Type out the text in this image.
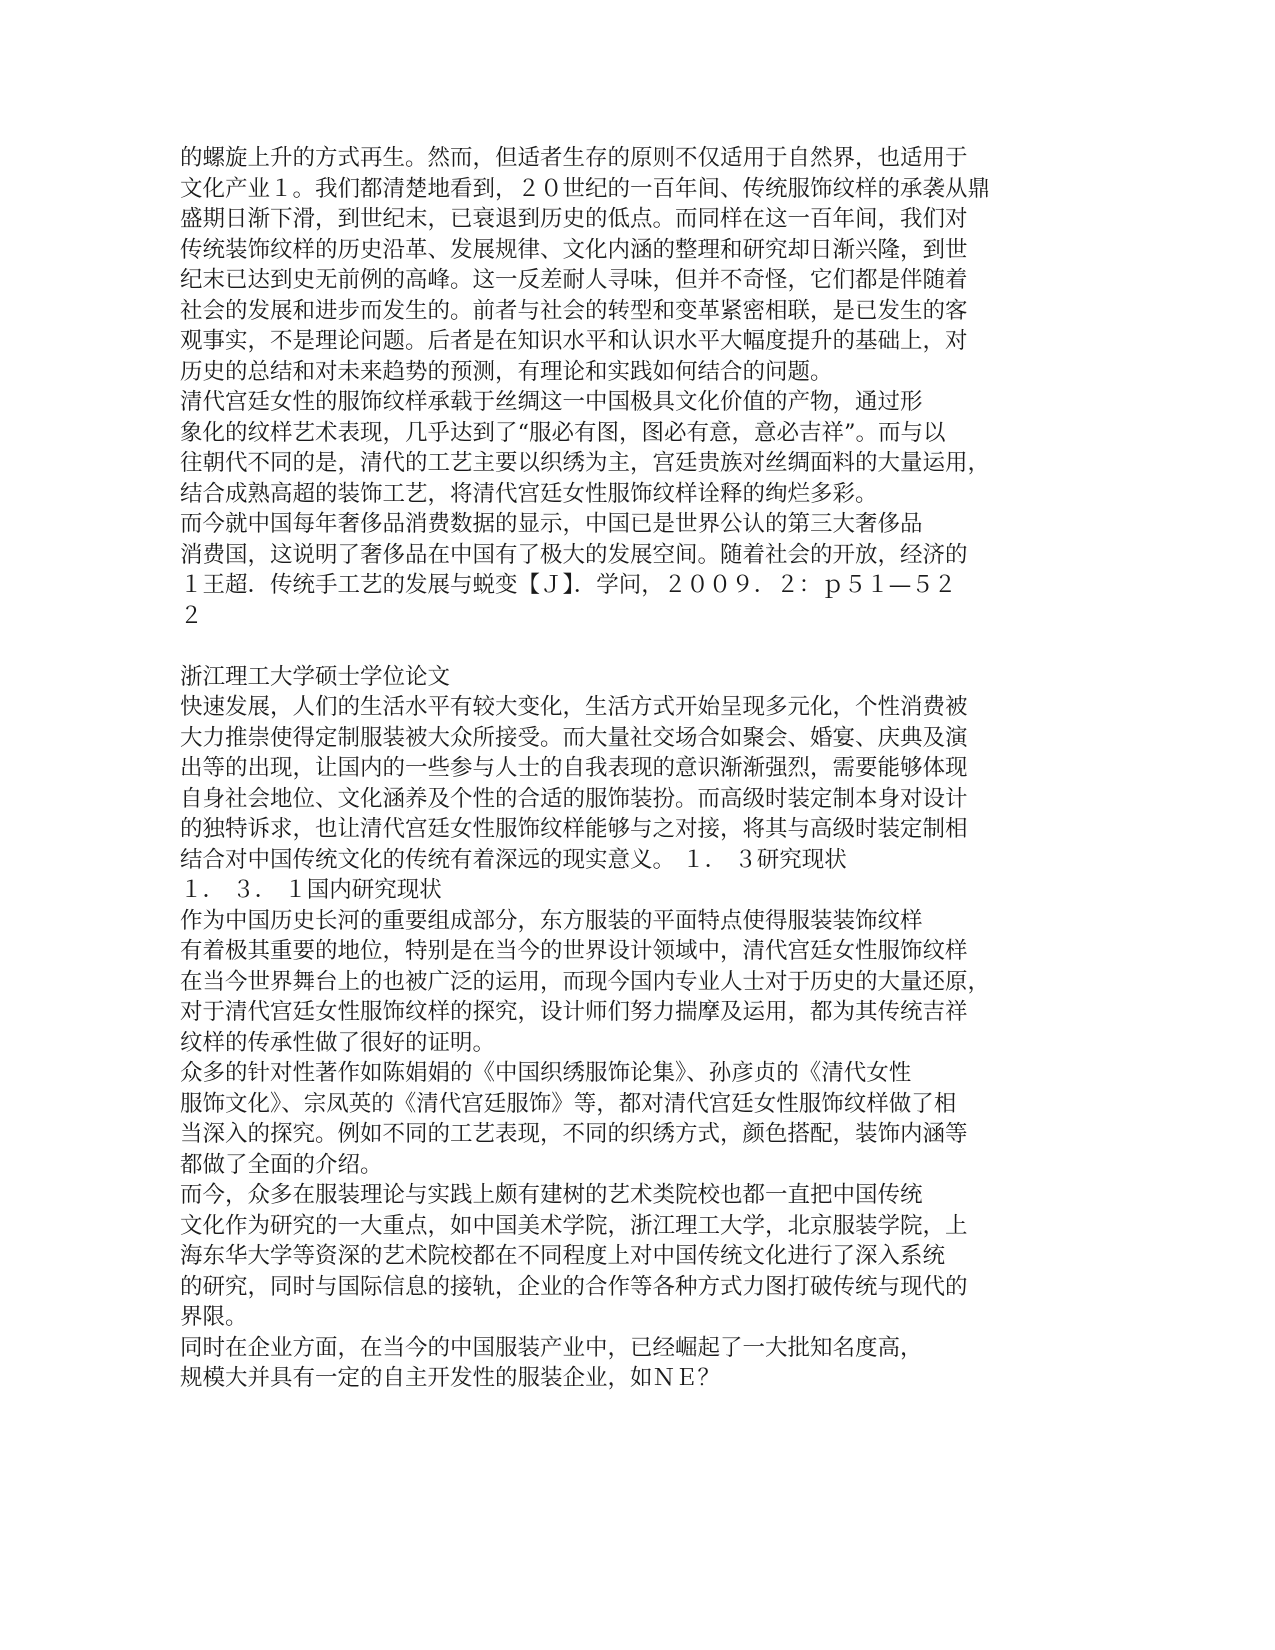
的螺旋上升的方式再生。然而，但适者生存的原则不仅适用于自然界，也适用于
文化产业１。我们都清楚地看到，２０世纪的一百年间、传统服饰纹样的承袭从鼎
盛期日渐下滑，到世纪末，已衰退到历史的低点。而同样在这一百年间，我们对
传统装饰纹样的历史沿革、发展规律、文化内涵的整理和研究却日渐兴隆，到世
纪末已达到史无前例的高峰。这一反差耐人寻味，但并不奇怪，它们都是伴随着
社会的发展和进步而发生的。前者与社会的转型和变革紧密相联，是已发生的客
观事实，不是理论问题。后者是在知识水平和认识水平大幅度提升的基础上，对
历史的总结和对未来趋势的预测，有理论和实践如何结合的问题。
清代宫廷女性的服饰纹样承载于丝绸这一中国极具文化价值的产物，通过形
象化的纹样艺术表现，几乎达到了“服必有图，图必有意，意必吉祥”。而与以
往朝代不同的是，清代的工艺主要以织绣为主，宫廷贵族对丝绸面料的大量运用，
结合成熟高超的装饰工艺，将清代宫廷女性服饰纹样诠释的绚烂多彩。
而今就中国每年奢侈品消费数据的显示，中国已是世界公认的第三大奢侈品
消费国，这说明了奢侈品在中国有了极大的发展空间。随着社会的开放，经济的
１王超．传统手工艺的发展与蜕变【Ｊ】．学问，２００９．２：ｐ５１—５２
２
浙江理工大学硕士学位论文
快速发展，人们的生活水平有较大变化，生活方式开始呈现多元化，个性消费被
大力推崇使得定制服装被大众所接受。而大量社交场合如聚会、婚宴、庆典及演
出等的出现，让国内的一些参与人士的自我表现的意识渐渐强烈，需要能够体现
自身社会地位、文化涵养及个性的合适的服饰装扮。而高级时装定制本身对设计
的独特诉求，也让清代宫廷女性服饰纹样能够与之对接，将其与高级时装定制相
结合对中国传统文化的传统有着深远的现实意义。 １． ３研究现状
１． ３． １国内研究现状
作为中国历史长河的重要组成部分，东方服装的平面特点使得服装装饰纹样
有着极其重要的地位，特别是在当今的世界设计领域中，清代宫廷女性服饰纹样
在当今世界舞台上的也被广泛的运用，而现今国内专业人士对于历史的大量还原，
对于清代宫廷女性服饰纹样的探究，设计师们努力揣摩及运用，都为其传统吉祥
纹样的传承性做了很好的证明。
众多的针对性著作如陈娟娟的《中国织绣服饰论集》、孙彦贞的《清代女性
服饰文化》、宗凤英的《清代宫廷服饰》等，都对清代宫廷女性服饰纹样做了相
当深入的探究。例如不同的工艺表现，不同的织绣方式，颜色搭配，装饰内涵等
都做了全面的介绍。
而今，众多在服装理论与实践上颇有建树的艺术类院校也都一直把中国传统
文化作为研究的一大重点，如中国美术学院，浙江理工大学，北京服装学院，上
海东华大学等资深的艺术院校都在不同程度上对中国传统文化进行了深入系统
的研究，同时与国际信息的接轨，企业的合作等各种方式力图打破传统与现代的
界限。
同时在企业方面，在当今的中国服装产业中，已经崛起了一大批知名度高，
规模大并具有一定的自主开发性的服装企业，如ＮＥ？
